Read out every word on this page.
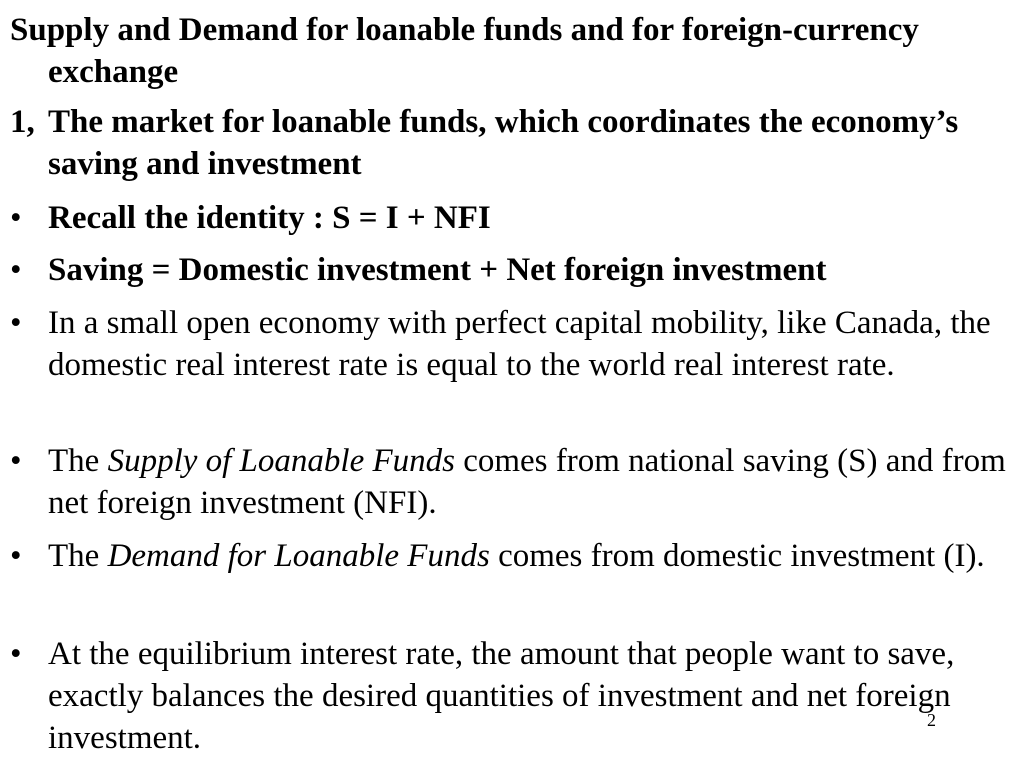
Supply and Demand for loanable funds and for foreign-currency exchange
1, The market for loanable funds, which coordinates the economy’s saving and investment
• Recall the identity : S = I + NFI
• Saving = Domestic investment + Net foreign investment
• In a small open economy with perfect capital mobility, like Canada, the domestic real interest rate is equal to the world real interest rate.
• The Supply of Loanable Funds comes from national saving (S) and from net foreign investment (NFI).
• The Demand for Loanable Funds comes from domestic investment (I).
• At the equilibrium interest rate, the amount that people want to save, exactly balances the desired quantities of investment and net foreign investment.	2
